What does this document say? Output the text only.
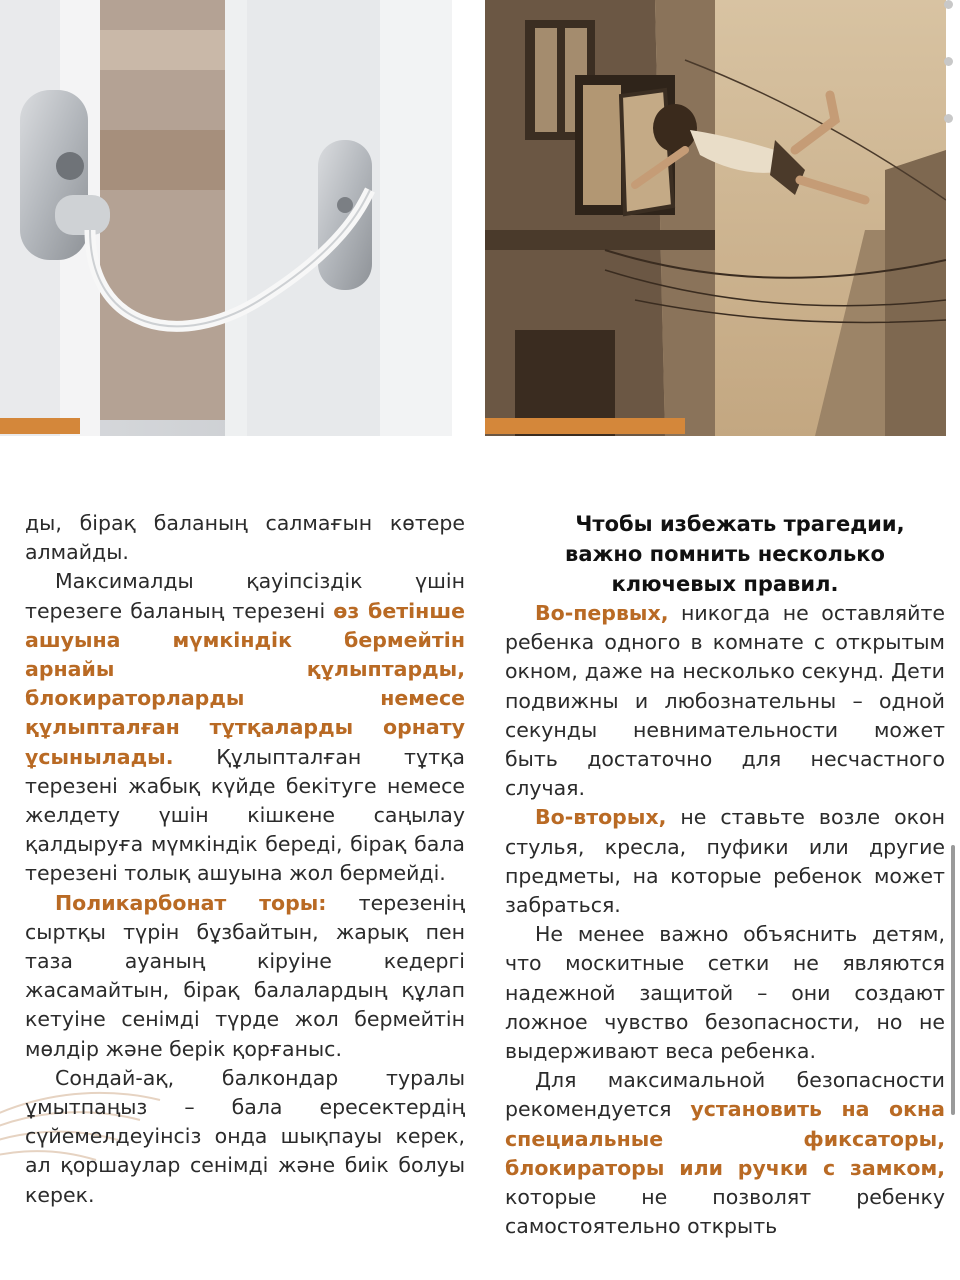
ды, бірақ баланың салмағын көтере алмайды.

Максималды қауіпсіздік үшін терезеге баланың терезені өз бетінше ашуына мүмкіндік бермейтін арнайы құлыптарды, блокираторларды немесе құлыпталған тұтқаларды орнату ұсынылады. Құлыпталған тұтқа терезені жабық күйде бекітуге немесе желдету үшін кішкене саңылау қалдыруға мүмкіндік береді, бірақ бала терезені толық ашуына жол бермейді.

Поликарбонат торы: терезенің сыртқы түрін бұзбайтын, жарық пен таза ауаның кіруіне кедергі жасамайтын, бірақ балалардың құлап кетуіне сенімді түрде жол бермейтін мөлдір және берік қорғаныс.

Сондай-ақ, балкондар туралы ұмытпаңыз – бала ересектердің сүйемелдеуінсіз онда шықпауы керек, ал қоршаулар сенімді және биік болуы керек.

Чтобы избежать трагедии, важно помнить несколько ключевых правил.

Во-первых, никогда не оставляйте ребенка одного в комнате с открытым окном, даже на несколько секунд. Дети подвижны и любознательны – одной секунды невнимательности может быть достаточно для несчастного случая.

Во-вторых, не ставьте возле окон стулья, кресла, пуфики или другие предметы, на которые ребенок может забраться.

Не менее важно объяснить детям, что москитные сетки не являются надежной защитой – они создают ложное чувство безопасности, но не выдерживают веса ребенка.

Для максимальной безопасности рекомендуется установить на окна специальные фиксаторы, блокираторы или ручки с замком, которые не позволят ребенку самостоятельно открыть
